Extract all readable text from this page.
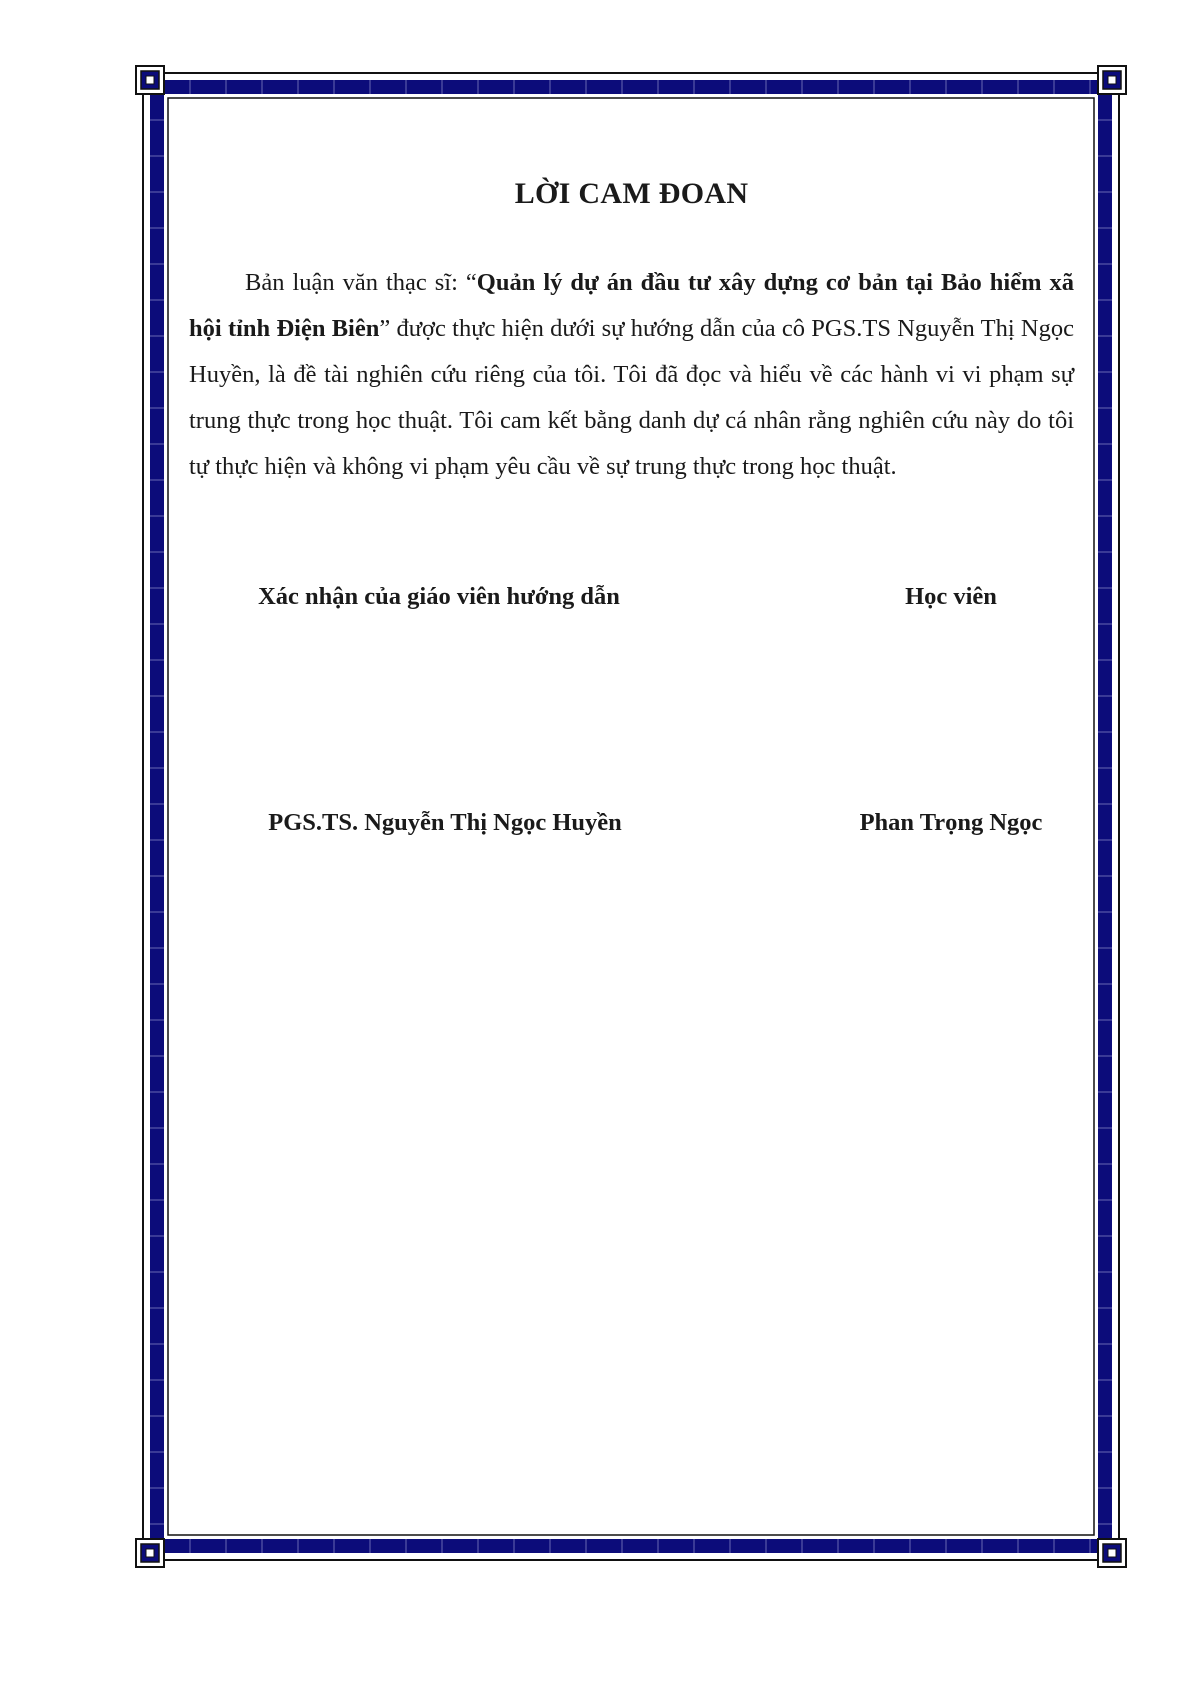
LỜI CAM ĐOAN

Bản luận văn thạc sĩ: “Quản lý dự án đầu tư xây dựng cơ bản tại Bảo hiểm xã hội tỉnh Điện Biên” được thực hiện dưới sự hướng dẫn của cô PGS.TS Nguyễn Thị Ngọc Huyền, là đề tài nghiên cứu riêng của tôi. Tôi đã đọc và hiểu về các hành vi vi phạm sự trung thực trong học thuật. Tôi cam kết bằng danh dự cá nhân rằng nghiên cứu này do tôi tự thực hiện và không vi phạm yêu cầu về sự trung thực trong học thuật.

Xác nhận của giáo viên hướng dẫn	Học viên
PGS.TS. Nguyễn Thị Ngọc Huyền	Phan Trọng Ngọc
